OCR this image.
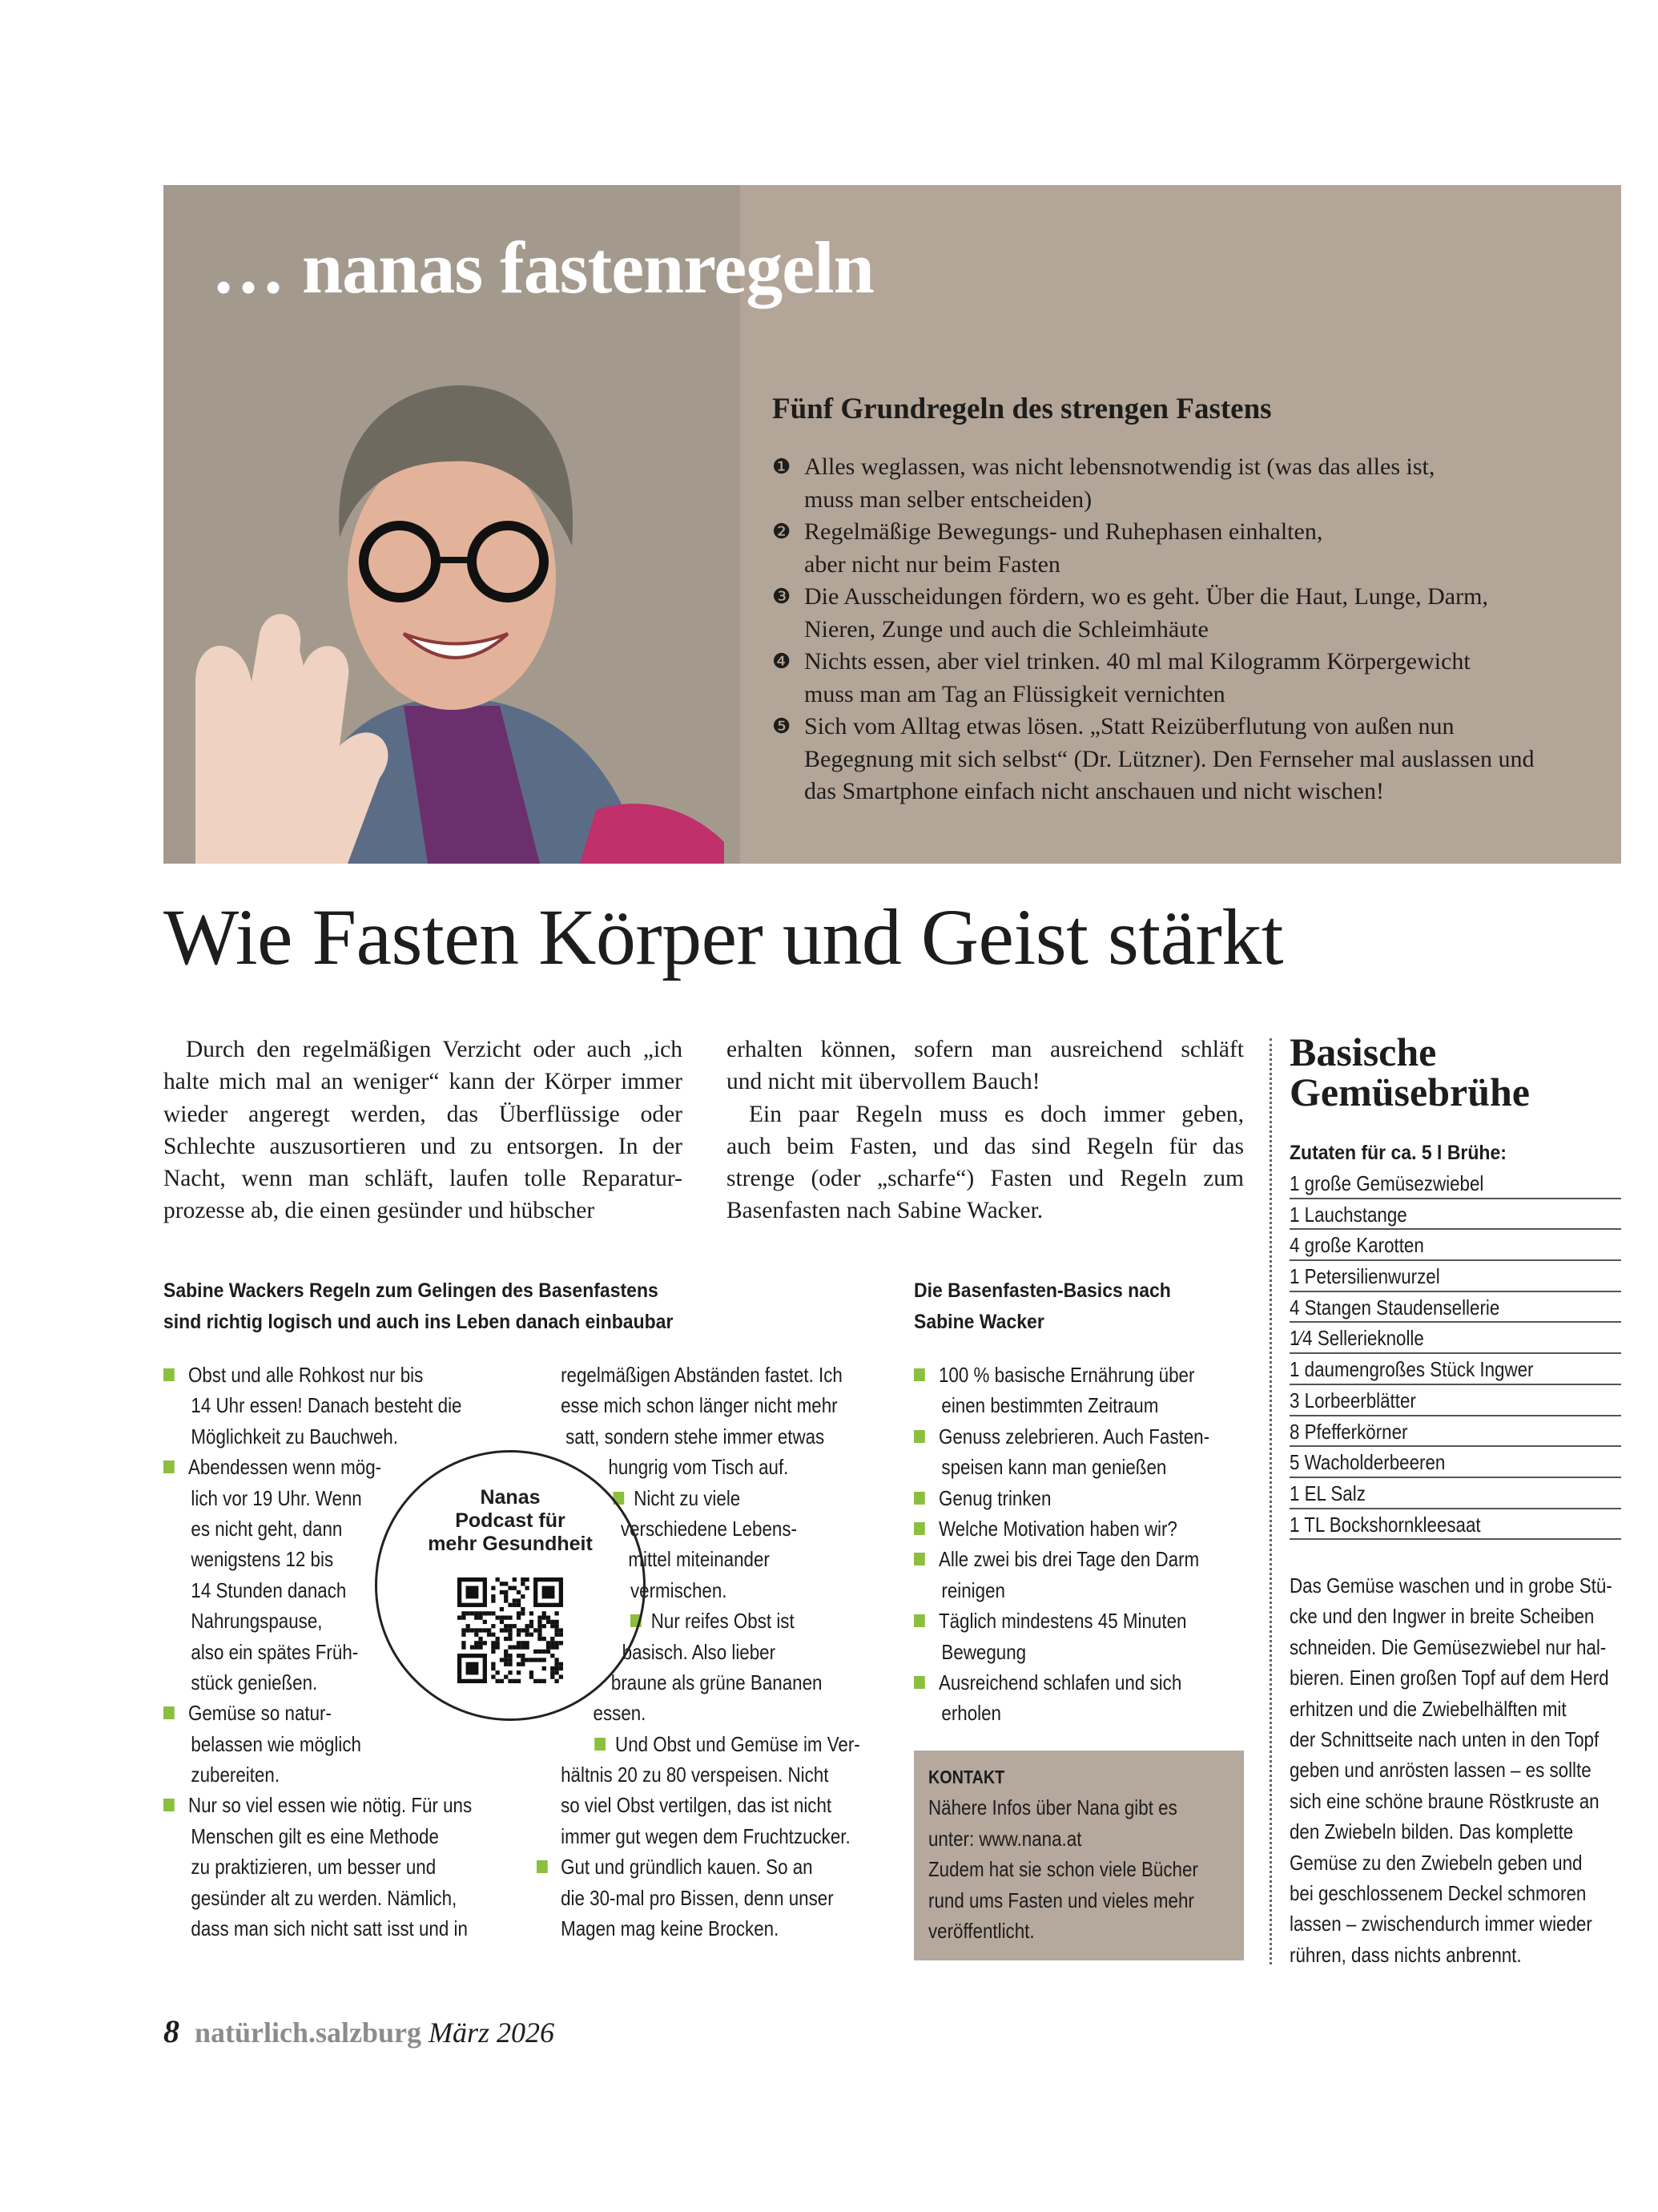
… nanas fastenregeln
Fünf Grundregeln des strengen Fastens
Alles weglassen, was nicht lebensnotwendig ist (was das alles ist,
❶
muss man selber entscheiden)
Regelmäßige Bewegungs- und Ruhephasen einhalten,
❷
aber nicht nur beim Fasten
Die Ausscheidungen fördern, wo es geht. Über die Haut, Lunge, Darm,
❸
Nieren, Zunge und auch die Schleimhäute
Nichts essen, aber viel trinken. 40 ml mal Kilogramm Körpergewicht
❹
muss man am Tag an Flüssigkeit vernichten
Sich vom Alltag etwas lösen. „Statt Reizüberflutung von außen nun
❺
Begegnung mit sich selbst“ (Dr. Lützner). Den Fernseher mal auslassen und
das Smartphone einfach nicht anschauen und nicht wischen!
Wie Fasten Körper und Geist stärkt
Durch den regelmäßigen Verzicht oder auch „ich
halte mich mal an weniger“ kann der Körper immer
wieder angeregt werden, das Überflüssige oder
Schlechte auszusortieren und zu entsorgen. In der
Nacht, wenn man schläft, laufen tolle Reparatur-
prozesse ab, die einen gesünder und hübscher
erhalten können, sofern man ausreichend schläft
und nicht mit übervollem Bauch!
Ein paar Regeln muss es doch immer geben,
auch beim Fasten, und das sind Regeln für das
strenge (oder „scharfe“) Fasten und Regeln zum
Basenfasten nach Sabine Wacker.
Sabine Wackers Regeln zum Gelingen des Basenfastens
sind richtig logisch und auch ins Leben danach einbaubar
Obst und alle Rohkost nur bis
14 Uhr essen! Danach besteht die
Möglichkeit zu Bauchweh.
Abendessen wenn mög-
lich vor 19 Uhr. Wenn
es nicht geht, dann
wenigstens 12 bis
14 Stunden danach
Nahrungspause,
also ein spätes Früh-
stück genießen.
Gemüse so natur-
belassen wie möglich
zubereiten.
Nur so viel essen wie nötig. Für uns
Menschen gilt es eine Methode
zu praktizieren, um besser und
gesünder alt zu werden. Nämlich,
dass man sich nicht satt isst und in
regelmäßigen Abständen fastet. Ich
esse mich schon länger nicht mehr
satt, sondern stehe immer etwas
hungrig vom Tisch auf.
Nicht zu viele
verschiedene Lebens-
mittel miteinander
vermischen.
Nur reifes Obst ist
basisch. Also lieber
braune als grüne Bananen
essen.
Und Obst und Gemüse im Ver-
hältnis 20 zu 80 verspeisen. Nicht
so viel Obst vertilgen, das ist nicht
immer gut wegen dem Fruchtzucker.
Gut und gründlich kauen. So an
die 30-mal pro Bissen, denn unser
Magen mag keine Brocken.
Nanas
Podcast für
mehr Gesundheit
Die Basenfasten-Basics nach
Sabine Wacker
100 % basische Ernährung über
einen bestimmten Zeitraum
Genuss zelebrieren. Auch Fasten-
speisen kann man genießen
Genug trinken
Welche Motivation haben wir?
Alle zwei bis drei Tage den Darm
reinigen
Täglich mindestens 45 Minuten
Bewegung
Ausreichend schlafen und sich
erholen
KONTAKT
Nähere Infos über Nana gibt es
unter: www.nana.at
Zudem hat sie schon viele Bücher
rund ums Fasten und vieles mehr
veröffentlicht.
Basische
Gemüsebrühe
Zutaten für ca. 5 l Brühe:
1 große Gemüsezwiebel
1 Lauchstange
4 große Karotten
1 Petersilienwurzel
4 Stangen Staudensellerie
1⁄4 Sellerieknolle
1 daumengroßes Stück Ingwer
3 Lorbeerblätter
8 Pfefferkörner
5 Wacholderbeeren
1 EL Salz
1 TL Bockshornkleesaat
Das Gemüse waschen und in grobe Stü-
cke und den Ingwer in breite Scheiben
schneiden. Die Gemüsezwiebel nur hal-
bieren. Einen großen Topf auf dem Herd
erhitzen und die Zwiebelhälften mit
der Schnittseite nach unten in den Topf
geben und anrösten lassen – es sollte
sich eine schöne braune Röstkruste an
den Zwiebeln bilden. Das komplette
Gemüse zu den Zwiebeln geben und
bei geschlossenem Deckel schmoren
lassen – zwischendurch immer wieder
rühren, dass nichts anbrennt.
8 natürlich.salzburg März 2026
